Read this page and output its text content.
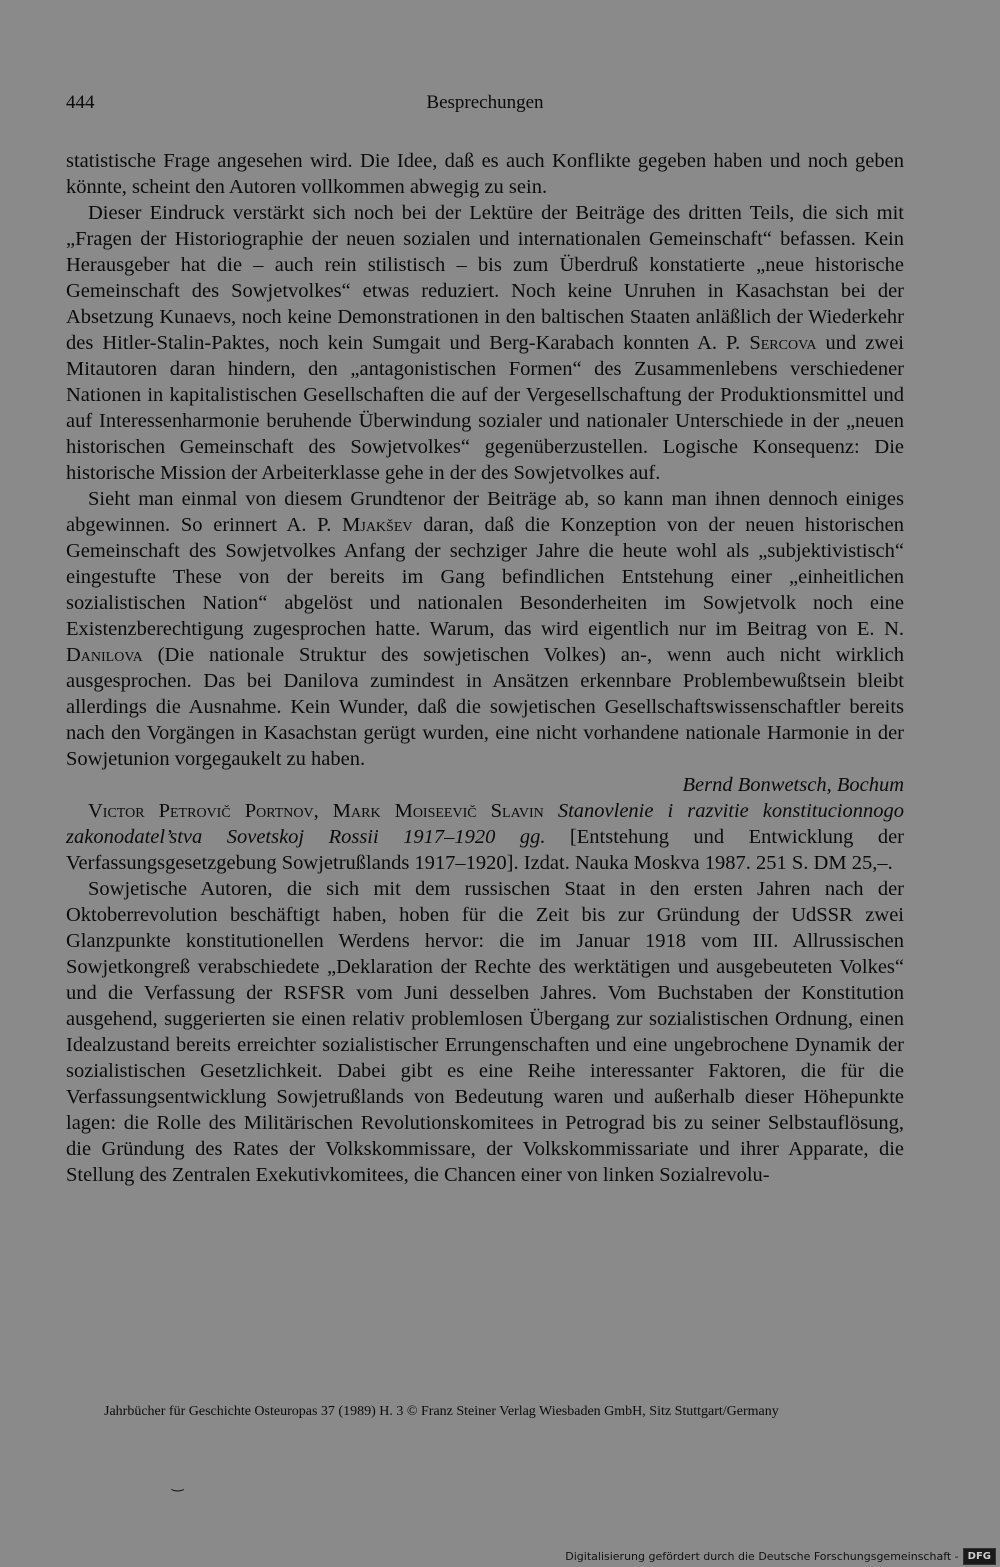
444	Besprechungen

statistische Frage angesehen wird. Die Idee, daß es auch Konflikte gegeben haben und noch geben könnte, scheint den Autoren vollkommen abwegig zu sein.

Dieser Eindruck verstärkt sich noch bei der Lektüre der Beiträge des dritten Teils, die sich mit „Fragen der Historiographie der neuen sozialen und internationalen Gemeinschaft“ befassen. Kein Herausgeber hat die – auch rein stilistisch – bis zum Überdruß konstatierte „neue historische Gemeinschaft des Sowjetvolkes“ etwas reduziert. Noch keine Unruhen in Kasachstan bei der Absetzung Kunaevs, noch keine Demonstrationen in den baltischen Staaten anläßlich der Wiederkehr des Hitler-Stalin-Paktes, noch kein Sumgait und Berg-Karabach konnten A. P. Sercova und zwei Mitautoren daran hindern, den „antagonistischen Formen“ des Zusammenlebens verschiedener Nationen in kapitalistischen Gesellschaften die auf der Vergesellschaftung der Produktionsmittel und auf Interessenharmonie beruhende Überwindung sozialer und nationaler Unterschiede in der „neuen historischen Gemeinschaft des Sowjetvolkes“ gegenüberzustellen. Logische Konsequenz: Die historische Mission der Arbeiterklasse gehe in der des Sowjetvolkes auf.

Sieht man einmal von diesem Grundtenor der Beiträge ab, so kann man ihnen dennoch einiges abgewinnen. So erinnert A. P. Mjakšev daran, daß die Konzeption von der neuen historischen Gemeinschaft des Sowjetvolkes Anfang der sechziger Jahre die heute wohl als „subjektivistisch“ eingestufte These von der bereits im Gang befindlichen Entstehung einer „einheitlichen sozialistischen Nation“ abgelöst und nationalen Besonderheiten im Sowjetvolk noch eine Existenzberechtigung zugesprochen hatte. Warum, das wird eigentlich nur im Beitrag von E. N. Danilova (Die nationale Struktur des sowjetischen Volkes) an-, wenn auch nicht wirklich ausgesprochen. Das bei Danilova zumindest in Ansätzen erkennbare Problembewußtsein bleibt allerdings die Ausnahme. Kein Wunder, daß die sowjetischen Gesellschaftswissenschaftler bereits nach den Vorgängen in Kasachstan gerügt wurden, eine nicht vorhandene nationale Harmonie in der Sowjetunion vorgegaukelt zu haben.

Bernd Bonwetsch, Bochum

Victor Petrovič Portnov, Mark Moiseevič Slavin Stanovlenie i razvitie konstitucionnogo zakonodatel’stva Sovetskoj Rossii 1917–1920 gg. [Entstehung und Entwicklung der Verfassungsgesetzgebung Sowjetrußlands 1917–1920]. Izdat. Nauka Moskva 1987. 251 S. DM 25,–.

Sowjetische Autoren, die sich mit dem russischen Staat in den ersten Jahren nach der Oktoberrevolution beschäftigt haben, hoben für die Zeit bis zur Gründung der UdSSR zwei Glanzpunkte konstitutionellen Werdens hervor: die im Januar 1918 vom III. Allrussischen Sowjetkongreß verabschiedete „Deklaration der Rechte des werktätigen und ausgebeuteten Volkes“ und die Verfassung der RSFSR vom Juni desselben Jahres. Vom Buchstaben der Konstitution ausgehend, suggerierten sie einen relativ problemlosen Übergang zur sozialistischen Ordnung, einen Idealzustand bereits erreichter sozialistischer Errungenschaften und eine ungebrochene Dynamik der sozialistischen Gesetzlichkeit. Dabei gibt es eine Reihe interessanter Faktoren, die für die Verfassungsentwicklung Sowjetrußlands von Bedeutung waren und außerhalb dieser Höhepunkte lagen: die Rolle des Militärischen Revolutionskomitees in Petrograd bis zu seiner Selbstauflösung, die Gründung des Rates der Volkskommissare, der Volkskommissariate und ihrer Apparate, die Stellung des Zentralen Exekutivkomitees, die Chancen einer von linken Sozialrevolu-

Jahrbücher für Geschichte Osteuropas 37 (1989) H. 3 © Franz Steiner Verlag Wiesbaden GmbH, Sitz Stuttgart/Germany
‿
Digitalisierung gefördert durch die Deutsche Forschungsgemeinschaft - DFG
